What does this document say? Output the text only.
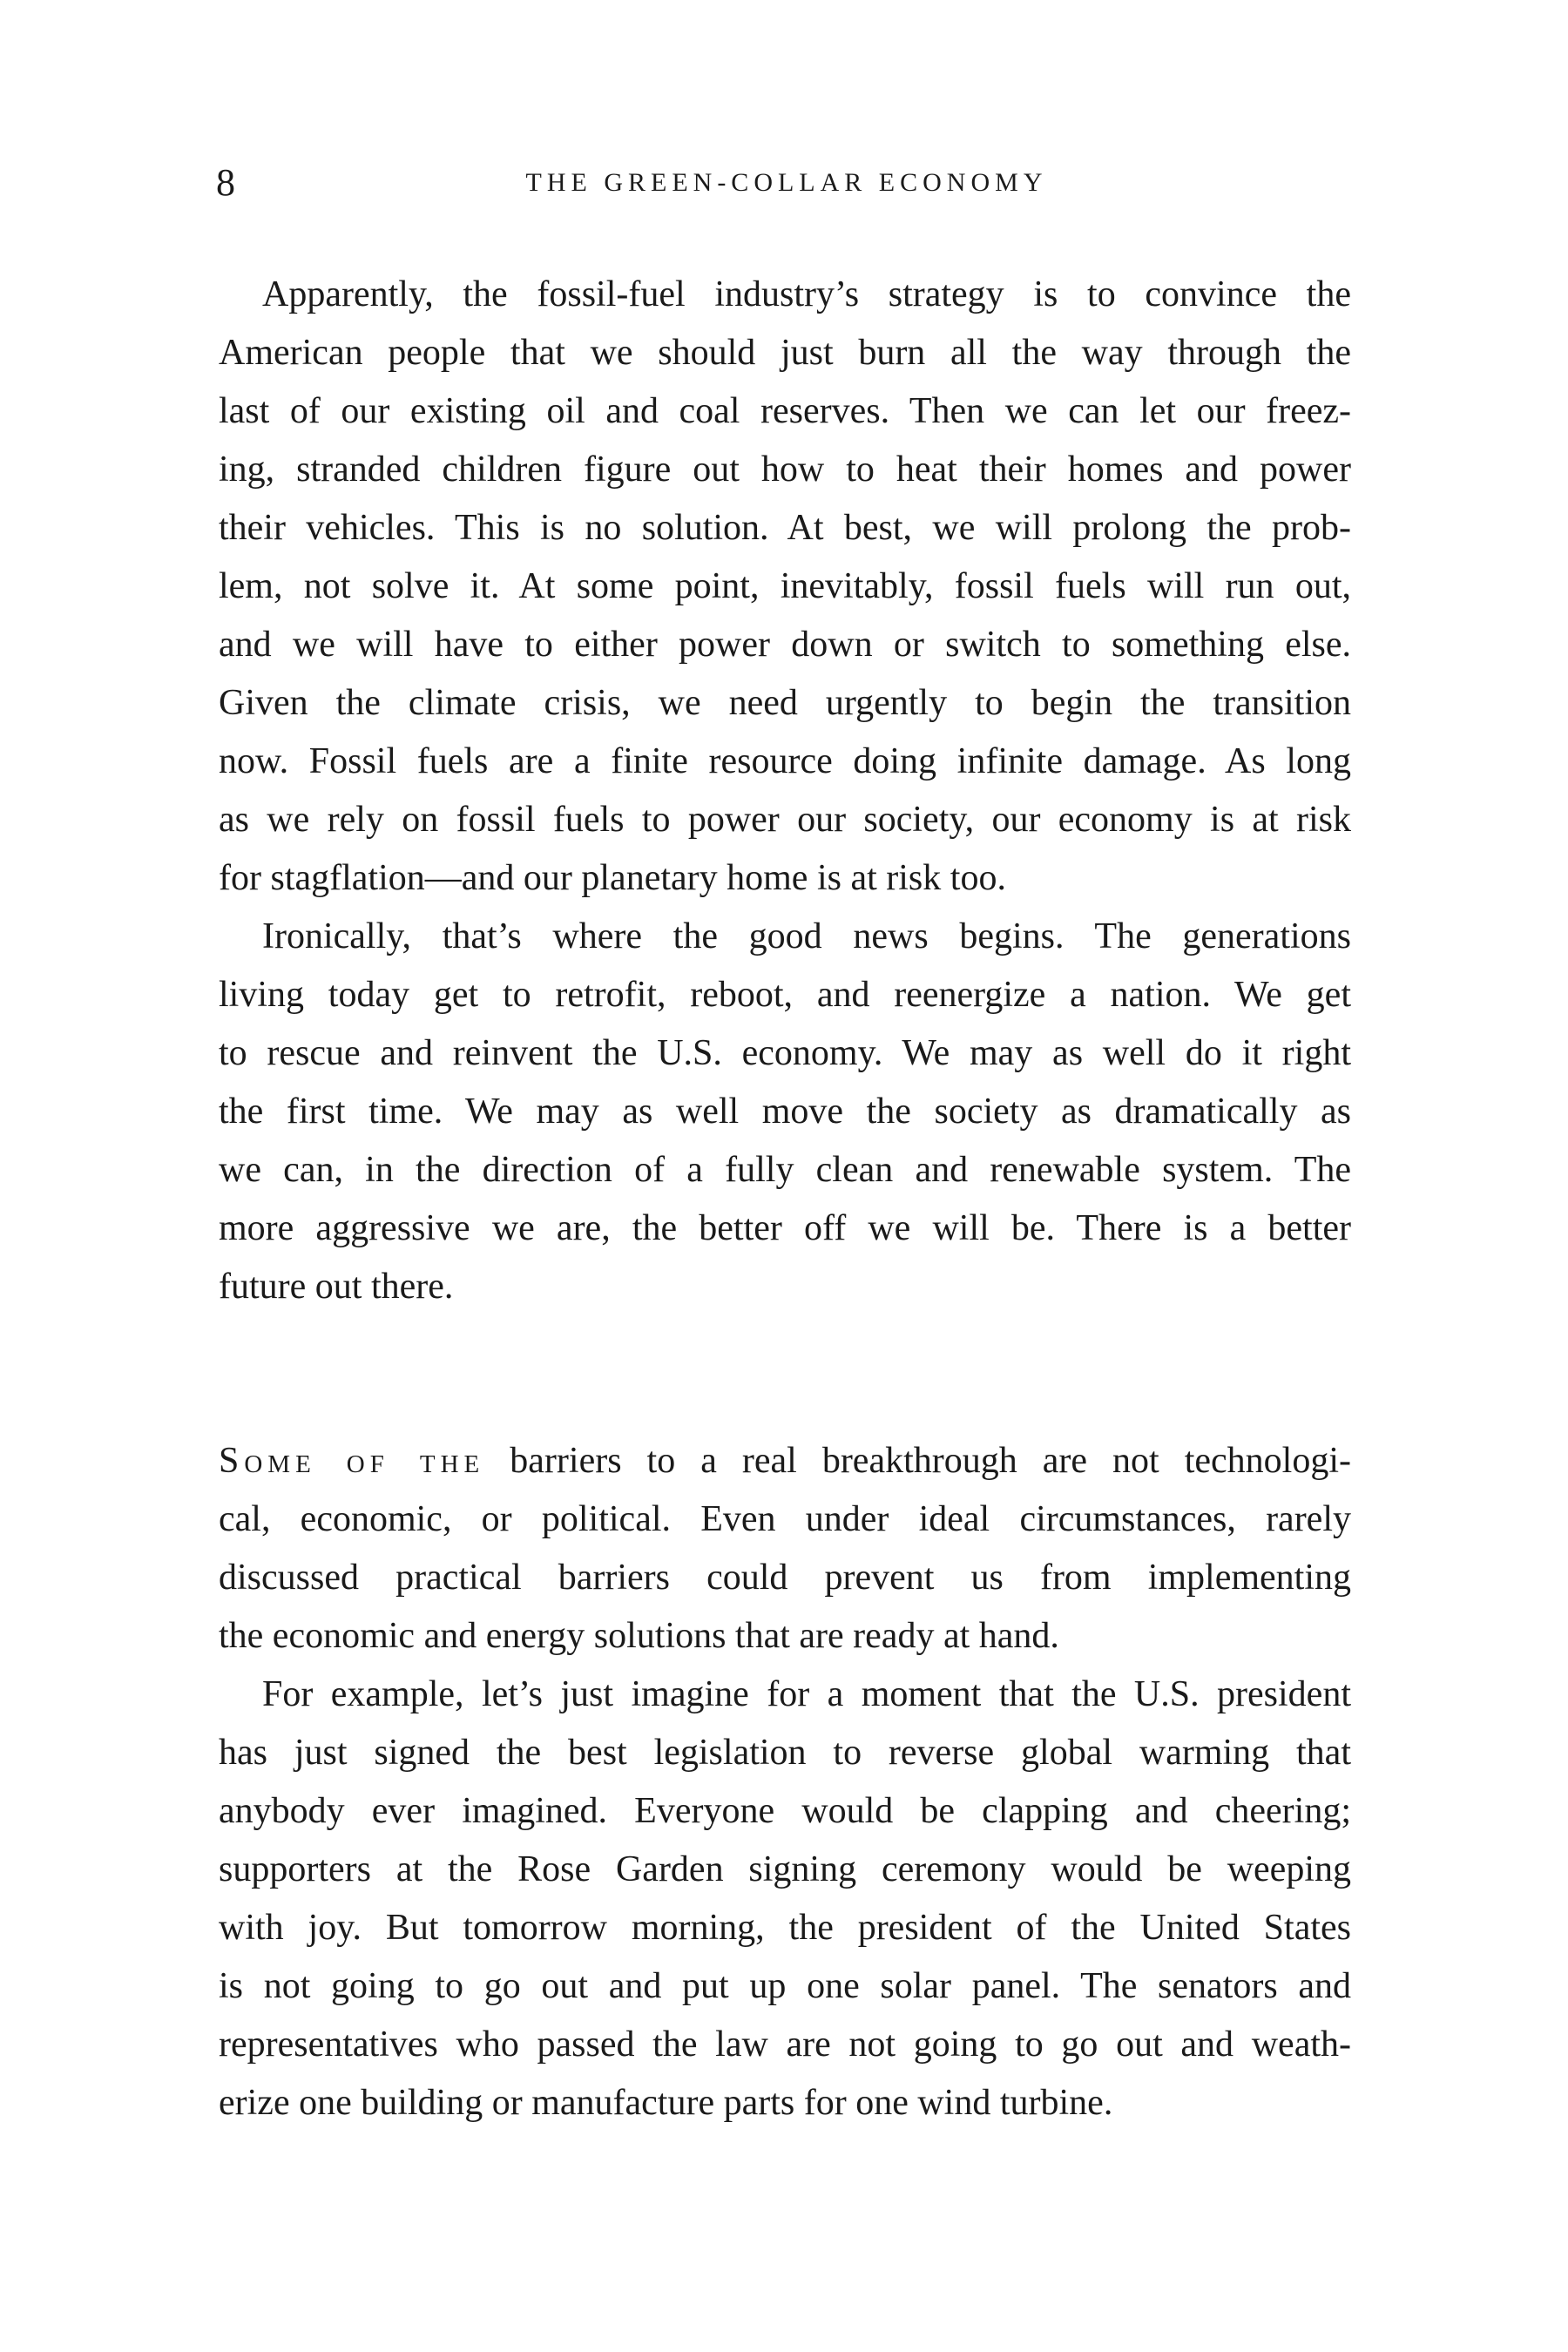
8	THE GREEN-COLLAR ECONOMY
Apparently, the fossil-fuel industry’s strategy is to convince the
American people that we should just burn all the way through the
last of our existing oil and coal reserves. Then we can let our freez-
ing, stranded children figure out how to heat their homes and power
their vehicles. This is no solution. At best, we will prolong the prob-
lem, not solve it. At some point, inevitably, fossil fuels will run out,
and we will have to either power down or switch to something else.
Given the climate crisis, we need urgently to begin the transition
now. Fossil fuels are a finite resource doing infinite damage. As long
as we rely on fossil fuels to power our society, our economy is at risk
for stagflation—and our planetary home is at risk too.
Ironically, that’s where the good news begins. The generations
living today get to retrofit, reboot, and reenergize a nation. We get
to rescue and reinvent the U.S. economy. We may as well do it right
the first time. We may as well move the society as dramatically as
we can, in the direction of a fully clean and renewable system. The
more aggressive we are, the better off we will be. There is a better
future out there.
Some of the barriers to a real breakthrough are not technologi-
cal, economic, or political. Even under ideal circumstances, rarely
discussed practical barriers could prevent us from implementing
the economic and energy solutions that are ready at hand.
For example, let’s just imagine for a moment that the U.S. president
has just signed the best legislation to reverse global warming that
anybody ever imagined. Everyone would be clapping and cheering;
supporters at the Rose Garden signing ceremony would be weeping
with joy. But tomorrow morning, the president of the United States
is not going to go out and put up one solar panel. The senators and
representatives who passed the law are not going to go out and weath-
erize one building or manufacture parts for one wind turbine.
